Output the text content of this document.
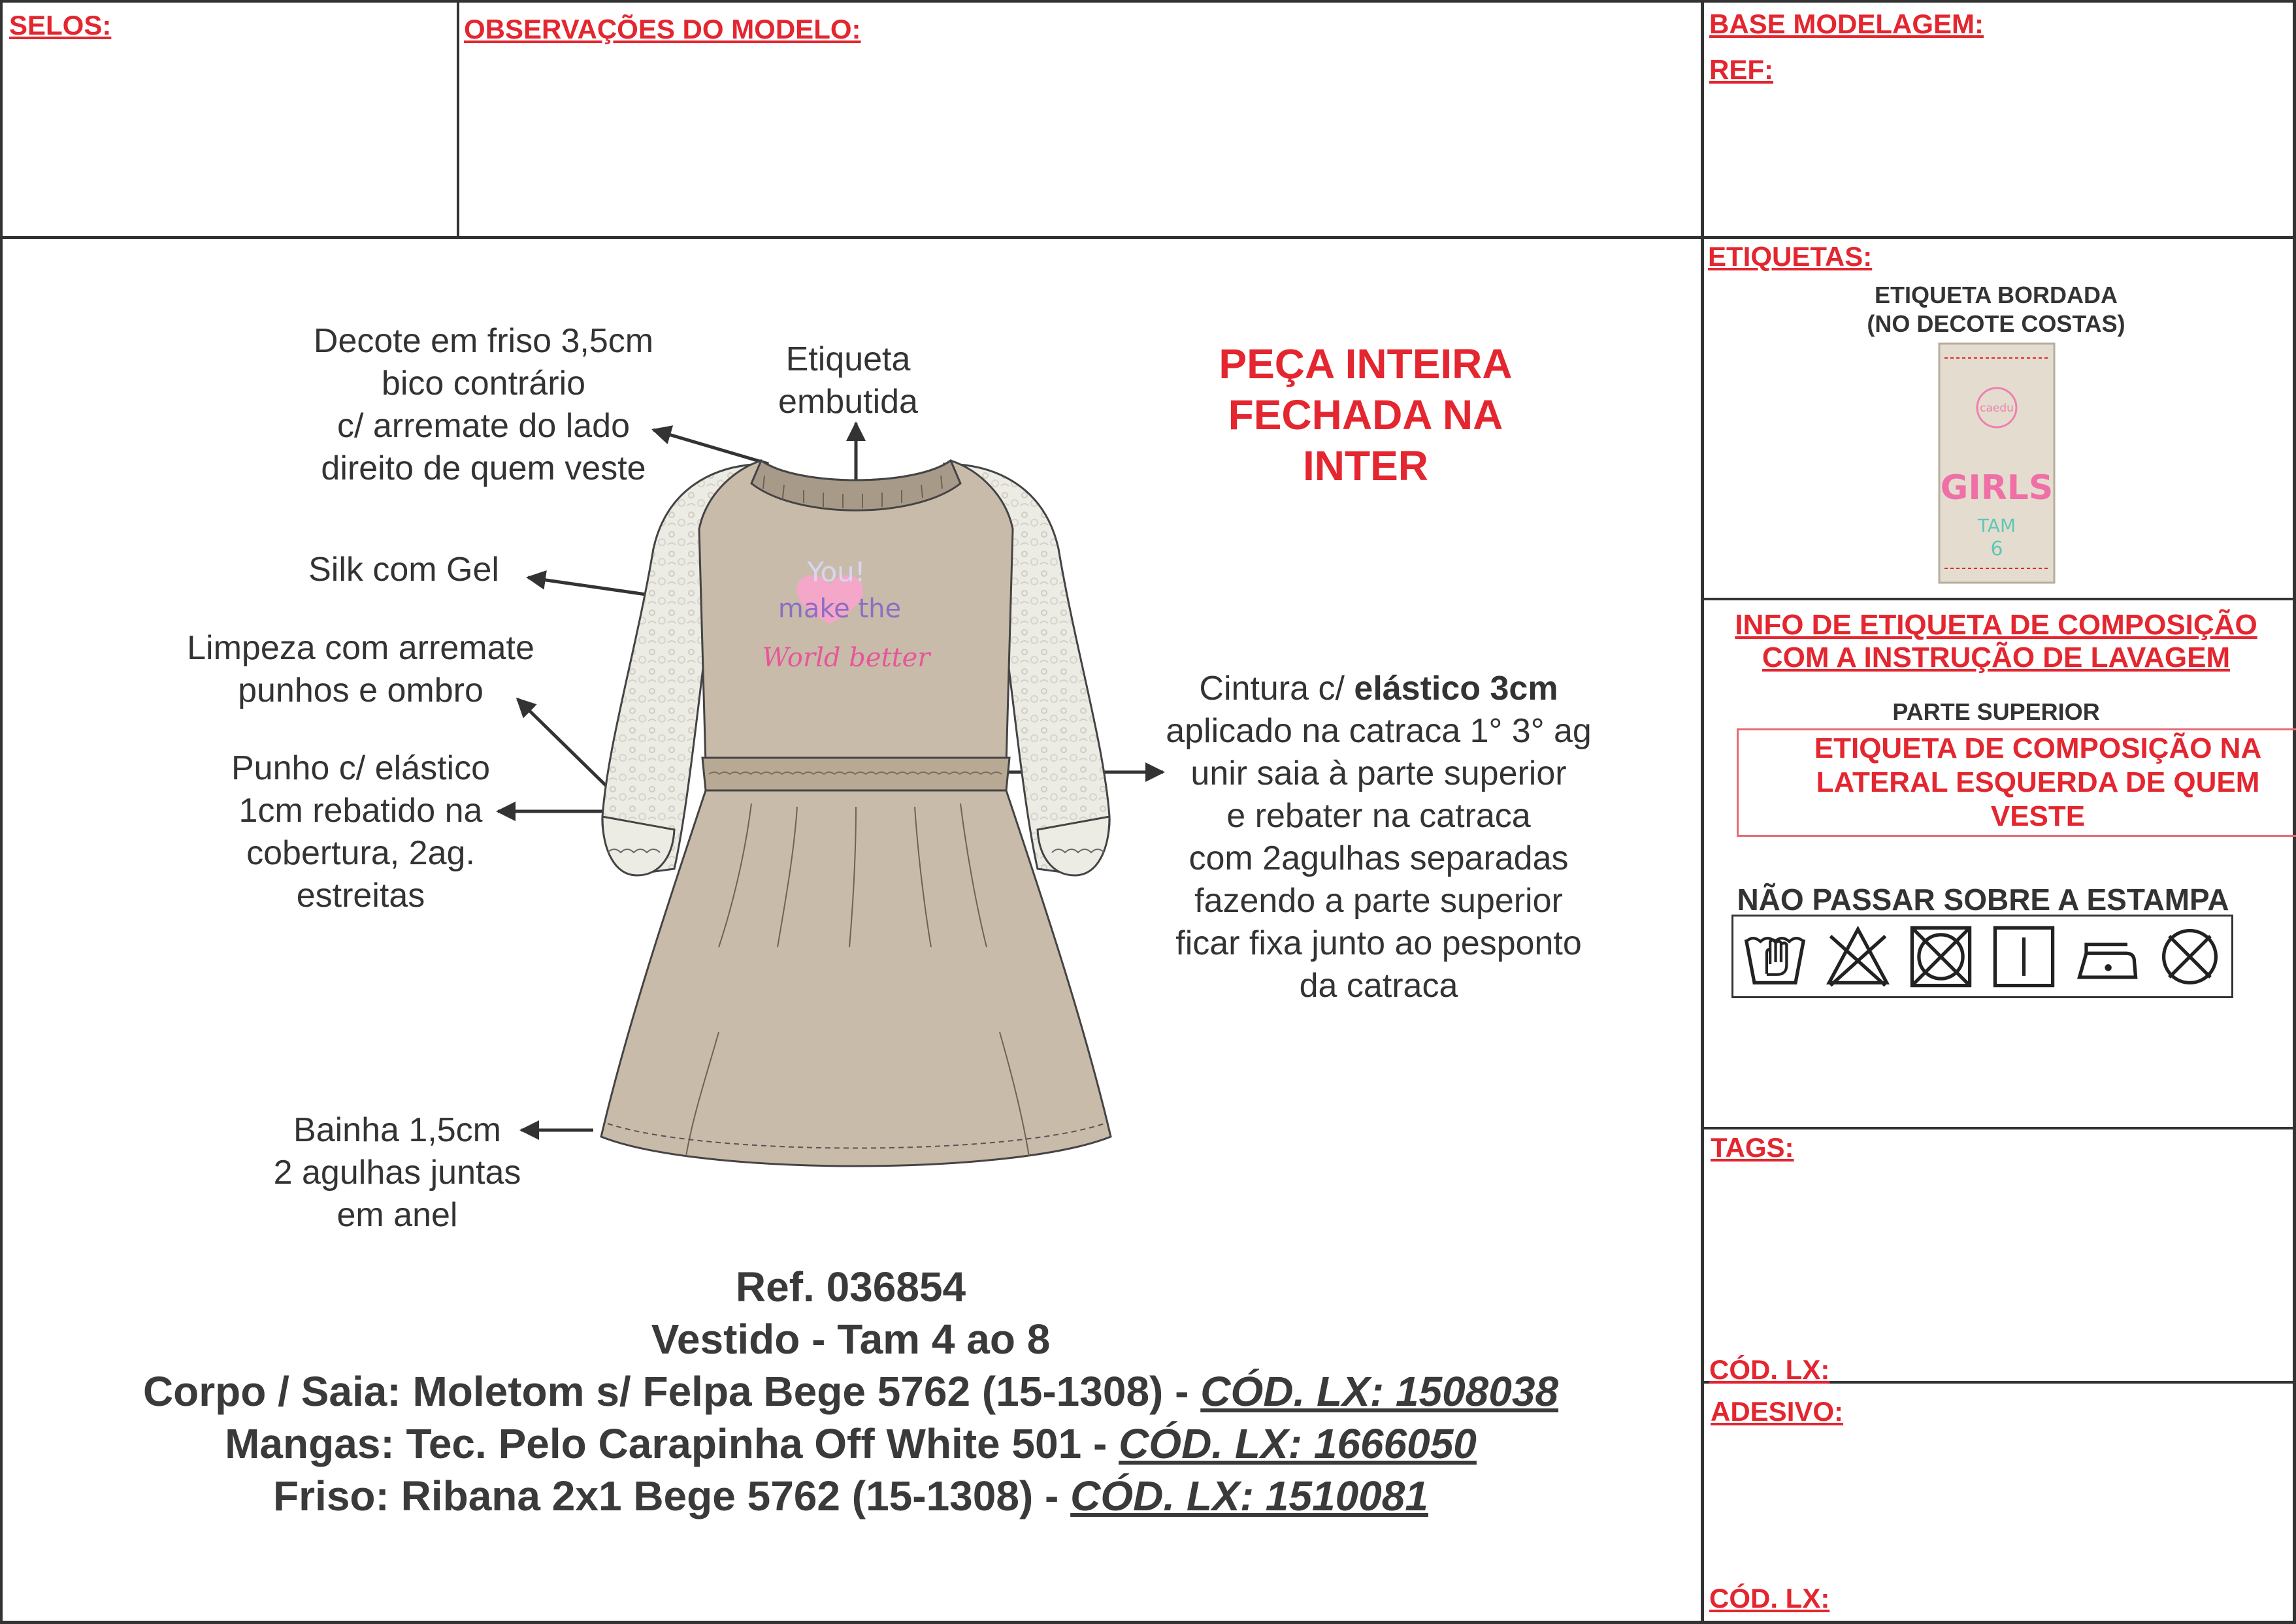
SELOS:	OBSERVAÇÕES DO MODELO:	BASE MODELAGEM:
REF:
ETIQUETAS:
TAGS:
CÓD. LX:
ADESIVO:
CÓD. LX:
Decote em friso 3,5cm
bico contrário
c/ arremate do lado
direito de quem veste
Etiqueta
embutida
Silk com Gel
Limpeza com arremate
punhos e ombro
Punho c/ elástico
1cm rebatido na
cobertura, 2ag.
estreitas
Bainha 1,5cm
2 agulhas juntas
em anel
Cintura c/ elástico 3cm
aplicado na catraca 1° 3° ag
unir saia à parte superior
e rebater na catraca
com 2agulhas separadas
fazendo a parte superior
ficar fixa junto ao pesponto
da catraca
PEÇA INTEIRA
FECHADA NA
INTER
You!
make the
World better
Ref. 036854
Vestido - Tam 4 ao 8
Corpo / Saia: Moletom s/ Felpa Bege 5762 (15-1308) - CÓD. LX: 1508038
Mangas: Tec. Pelo Carapinha Off White 501 - CÓD. LX: 1666050
Friso: Ribana 2x1 Bege 5762 (15-1308) - CÓD. LX: 1510081
ETIQUETA BORDADA
(NO DECOTE COSTAS)
caedu
GIRLS
TAM
6
INFO DE ETIQUETA DE COMPOSIÇÃO
COM A INSTRUÇÃO DE LAVAGEM
PARTE SUPERIOR
ETIQUETA DE COMPOSIÇÃO NA
LATERAL ESQUERDA DE QUEM
VESTE
NÃO PASSAR SOBRE A ESTAMPA
